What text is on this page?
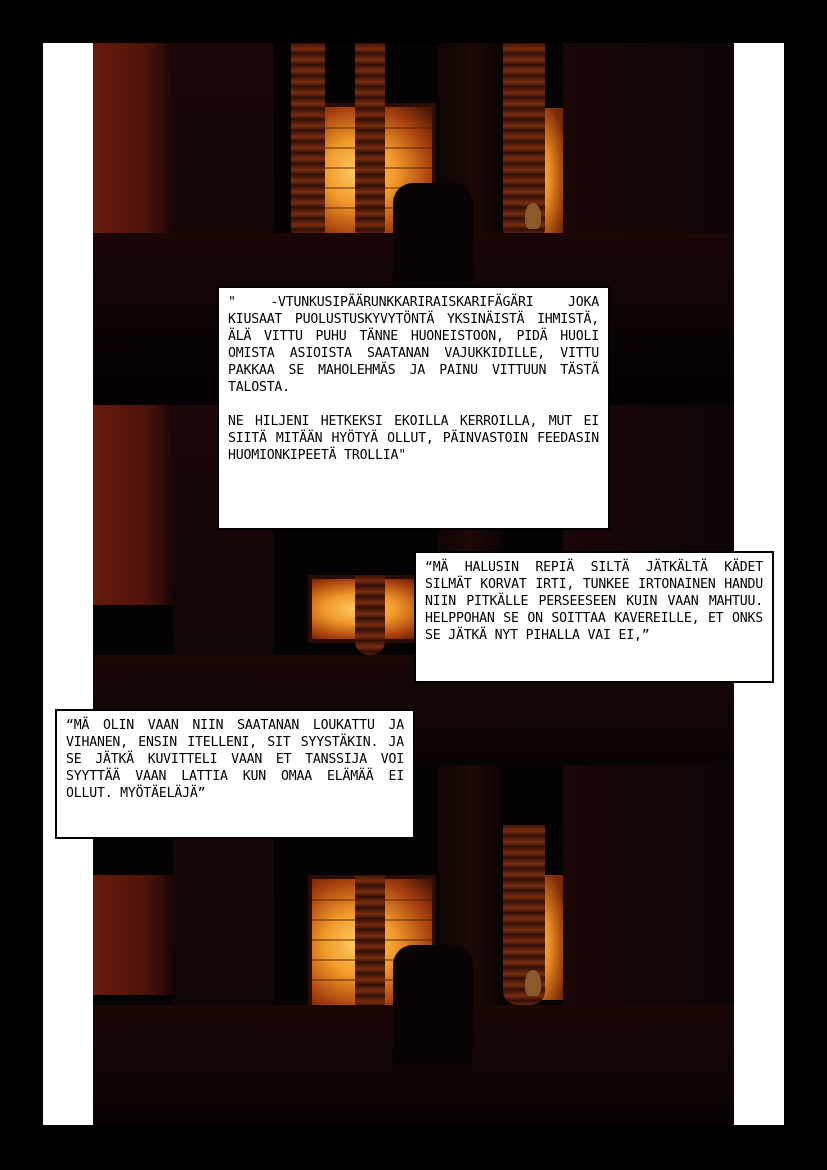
" -VTUNKUSIPÄÄRUNKKARIRAISKARIFÄGÄRI JOKA KIUSAAT PUOLUSTUSKYVYTÖNTÄ YKSINÄISTÄ IHMISTÄ, ÄLÄ VITTU PUHU TÄNNE HUONEISTOON, PIDÄ HUOLI OMISTA ASIOISTA SAATANAN VAJUKKIDILLE, VITTU PAKKAA SE MAHOLEHMÄS JA PAINU VITTUUN TÄSTÄ TALOSTA.

NE HILJENI HETKEKSI EKOILLA KERROILLA, MUT EI SIITÄ MITÄÄN HYÖTYÄ OLLUT, PÄINVASTOIN FEEDASIN HUOMIONKIPEETÄ TROLLIA"

“MÄ HALUSIN REPIÄ SILTÄ JÄTKÄLTÄ KÄDET SILMÄT KORVAT IRTI, TUNKEE IRTONAINEN HANDU NIIN PITKÄLLE PERSEESEEN KUIN VAAN MAHTUU. HELPPOHAN SE ON SOITTAA KAVEREILLE, ET ONKS SE JÄTKÄ NYT PIHALLA VAI EI,”

“MÄ OLIN VAAN NIIN SAATANAN LOUKATTU JA VIHANEN, ENSIN ITELLENI, SIT SYYSTÄKIN. JA SE JÄTKÄ KUVITTELI VAAN ET TANSSIJA VOI SYYTTÄÄ VAAN LATTIA KUN OMAA ELÄMÄÄ EI OLLUT. MYÖTÄELÄJÄ”
